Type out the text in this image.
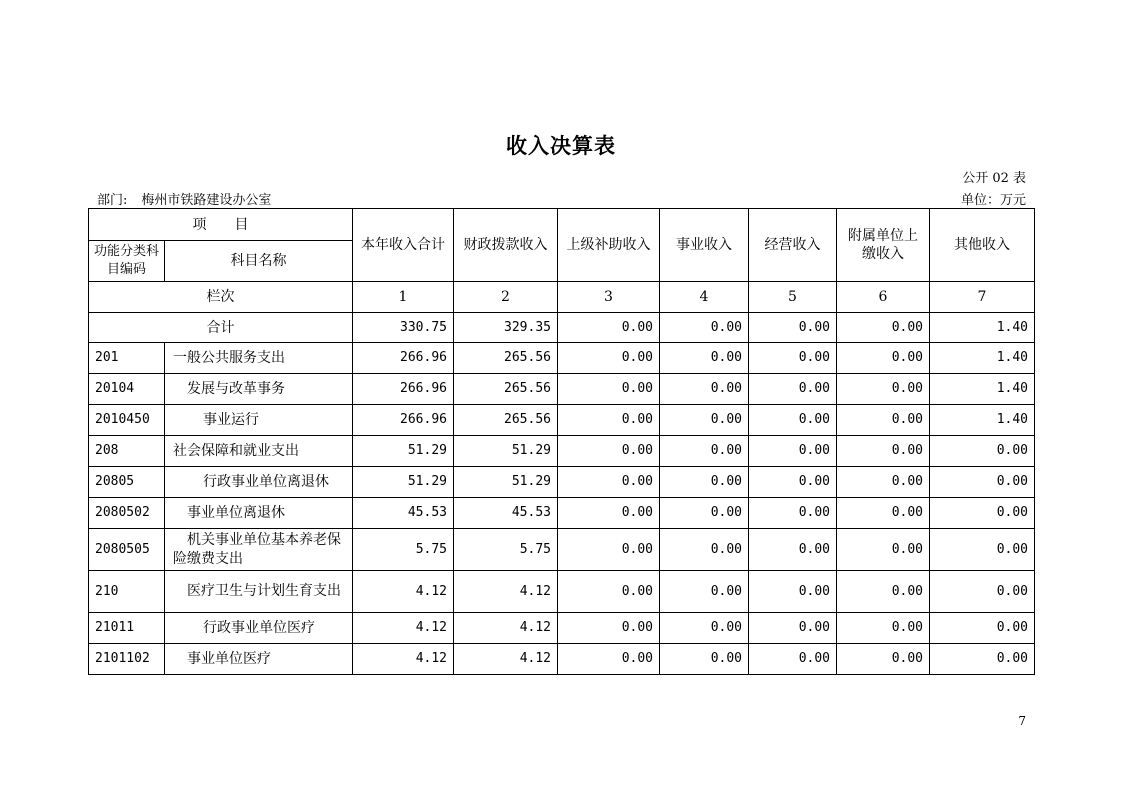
收入决算表
公开 02 表
部门: 梅州市铁路建设办公室	单位：万元
项　　目		本年收入合计	财政拨款收入	上级补助收入	事业收入	经营收入	附属单位上缴收入	其他收入
功能分类科目编码	科目名称							
栏次		1	2	3	4	5	6	7
合计		330.75	329.35	0.00	0.00	0.00	0.00	1.40
201	一般公共服务支出	266.96	265.56	0.00	0.00	0.00	0.00	1.40
20104	发展与改革事务	266.96	265.56	0.00	0.00	0.00	0.00	1.40
2010450	事业运行	266.96	265.56	0.00	0.00	0.00	0.00	1.40
208	社会保障和就业支出	51.29	51.29	0.00	0.00	0.00	0.00	0.00
20805	行政事业单位离退休	51.29	51.29	0.00	0.00	0.00	0.00	0.00
2080502	事业单位离退休	45.53	45.53	0.00	0.00	0.00	0.00	0.00
2080505	机关事业单位基本养老保险缴费支出	5.75	5.75	0.00	0.00	0.00	0.00	0.00
210	医疗卫生与计划生育支出	4.12	4.12	0.00	0.00	0.00	0.00	0.00
21011	行政事业单位医疗	4.12	4.12	0.00	0.00	0.00	0.00	0.00
2101102	事业单位医疗	4.12	4.12	0.00	0.00	0.00	0.00	0.00
7
